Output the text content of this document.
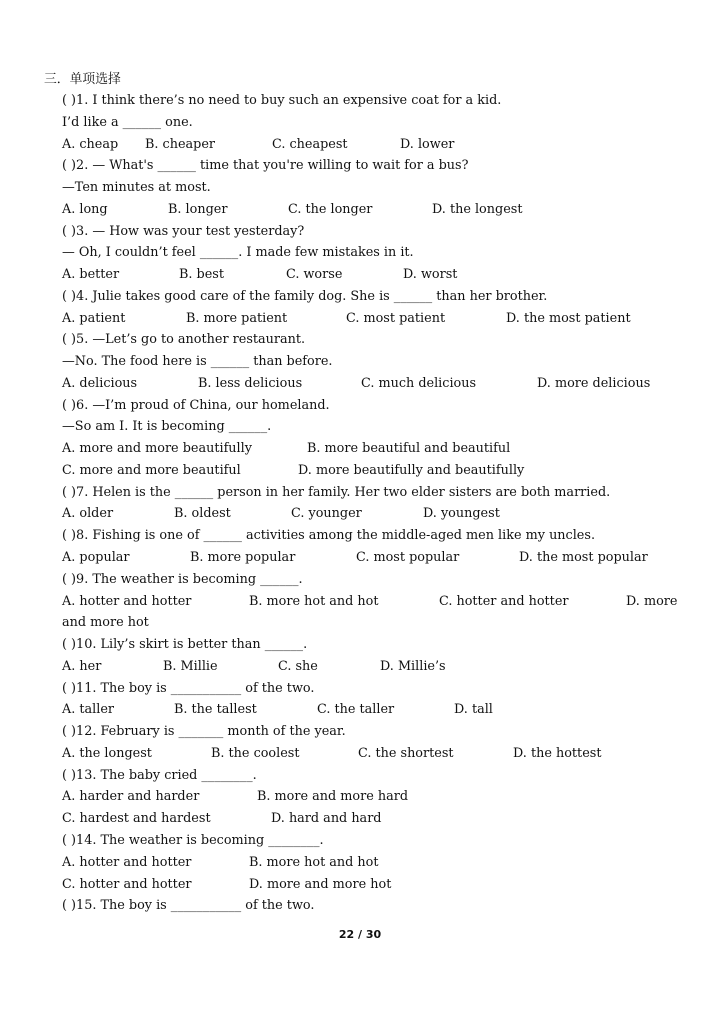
三．单项选择
( )1. I think there’s no need to buy such an expensive coat for a kid.
I’d like a ______ one.
A. cheap B. cheaper	C. cheapest	D. lower
( )2. — What's ______ time that you're willing to wait for a bus?
—Ten minutes at most.
A. long	B. longer	C. the longer	D. the longest
( )3. — How was your test yesterday?
— Oh, I couldn’t feel ______. I made few mistakes in it.
A. better	B. best	C. worse	D. worst
( )4. Julie takes good care of the family dog. She is ______ than her brother.
A. patient	B. more patient	C. most patient	D. the most patient
( )5. —Let’s go to another restaurant.
—No. The food here is ______ than before.
A. delicious	B. less delicious	C. much delicious	D. more delicious
( )6. —I’m proud of China, our homeland.
—So am I. It is becoming ______.
A. more and more beautifully	B. more beautiful and beautiful
C. more and more beautiful	D. more beautifully and beautifully
( )7. Helen is the ______ person in her family. Her two elder sisters are both married.
A. older	B. oldest	C. younger	D. youngest
( )8. Fishing is one of ______ activities among the middle-aged men like my uncles.
A. popular	B. more popular	C. most popular	D. the most popular
( )9. The weather is becoming ______.
A. hotter and hotter	B. more hot and hot	C. hotter and hotter	D. more
and more hot
( )10. Lily’s skirt is better than ______.
A. her	B. Millie	C. she	D. Millie’s
( )11. The boy is ___________ of the two.
A. taller	B. the tallest	C. the taller	D. tall
( )12. February is _______ month of the year.
A. the longest	B. the coolest	C. the shortest	D. the hottest
( )13. The baby cried ________.
A. harder and harder	B. more and more hard
C. hardest and hardest	D. hard and hard
( )14. The weather is becoming ________.
A. hotter and hotter	B. more hot and hot
C. hotter and hotter	D. more and more hot
( )15. The boy is ___________ of the two.
22 / 30
